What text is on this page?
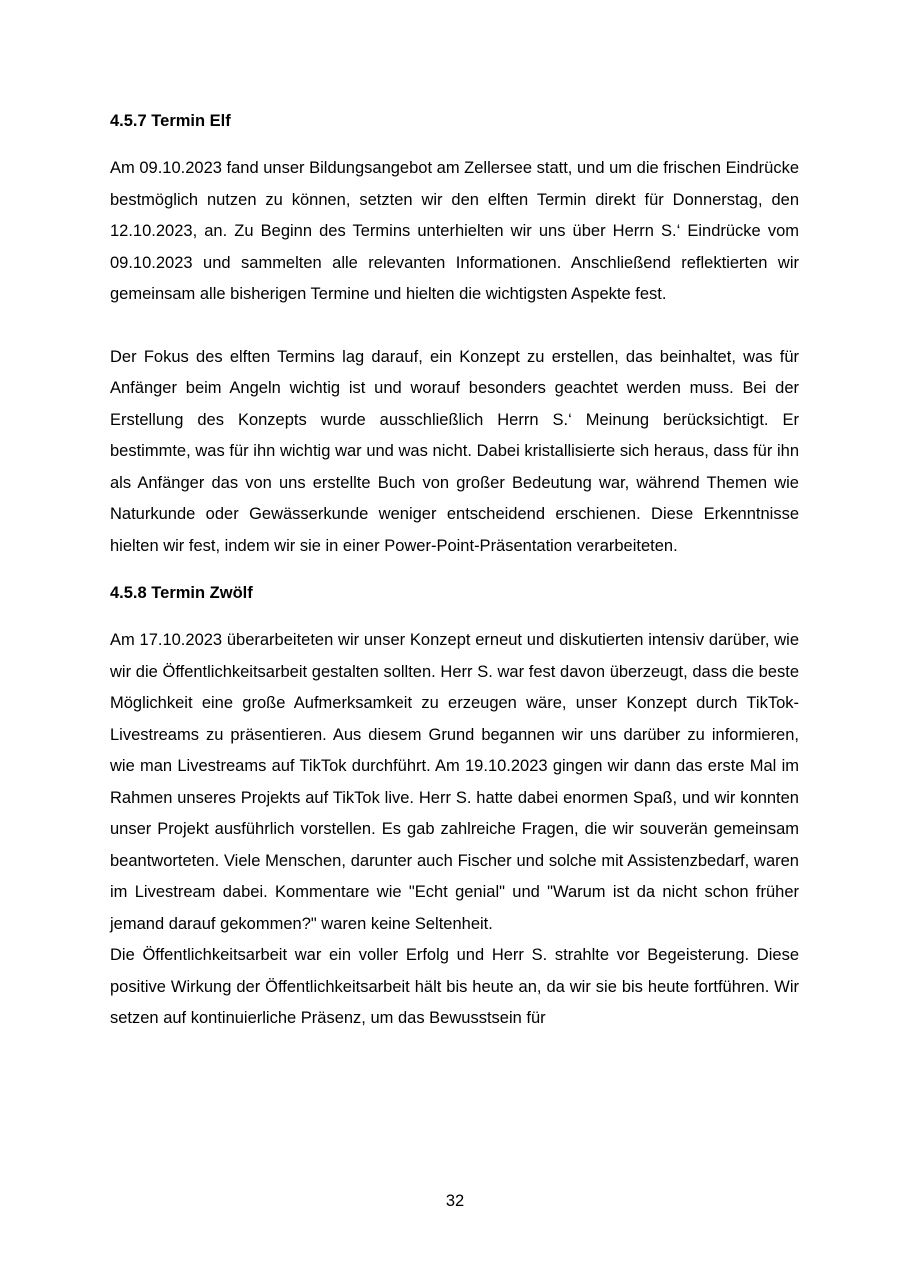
4.5.7 Termin Elf

Am 09.10.2023 fand unser Bildungsangebot am Zellersee statt, und um die frischen Eindrücke bestmöglich nutzen zu können, setzten wir den elften Termin direkt für Donnerstag, den 12.10.2023, an. Zu Beginn des Termins unterhielten wir uns über Herrn S.‘ Eindrücke vom 09.10.2023 und sammelten alle relevanten Informationen. Anschließend reflektierten wir gemeinsam alle bisherigen Termine und hielten die wichtigsten Aspekte fest.

Der Fokus des elften Termins lag darauf, ein Konzept zu erstellen, das beinhaltet, was für Anfänger beim Angeln wichtig ist und worauf besonders geachtet werden muss. Bei der Erstellung des Konzepts wurde ausschließlich Herrn S.‘ Meinung berücksichtigt. Er bestimmte, was für ihn wichtig war und was nicht. Dabei kristallisierte sich heraus, dass für ihn als Anfänger das von uns erstellte Buch von großer Bedeutung war, während Themen wie Naturkunde oder Gewässerkunde weniger entscheidend erschienen. Diese Erkenntnisse hielten wir fest, indem wir sie in einer Power-Point-Präsentation verarbeiteten.

4.5.8 Termin Zwölf

Am 17.10.2023 überarbeiteten wir unser Konzept erneut und diskutierten intensiv darüber, wie wir die Öffentlichkeitsarbeit gestalten sollten. Herr S. war fest davon überzeugt, dass die beste Möglichkeit eine große Aufmerksamkeit zu erzeugen wäre, unser Konzept durch TikTok-Livestreams zu präsentieren. Aus diesem Grund begannen wir uns darüber zu informieren, wie man Livestreams auf TikTok durchführt. Am 19.10.2023 gingen wir dann das erste Mal im Rahmen unseres Projekts auf TikTok live. Herr S. hatte dabei enormen Spaß, und wir konnten unser Projekt ausführlich vorstellen. Es gab zahlreiche Fragen, die wir souverän gemeinsam beantworteten. Viele Menschen, darunter auch Fischer und solche mit Assistenzbedarf, waren im Livestream dabei. Kommentare wie "Echt genial" und "Warum ist da nicht schon früher jemand darauf gekommen?" waren keine Seltenheit.

Die Öffentlichkeitsarbeit war ein voller Erfolg und Herr S. strahlte vor Begeisterung. Diese positive Wirkung der Öffentlichkeitsarbeit hält bis heute an, da wir sie bis heute fortführen. Wir setzen auf kontinuierliche Präsenz, um das Bewusstsein für

32
